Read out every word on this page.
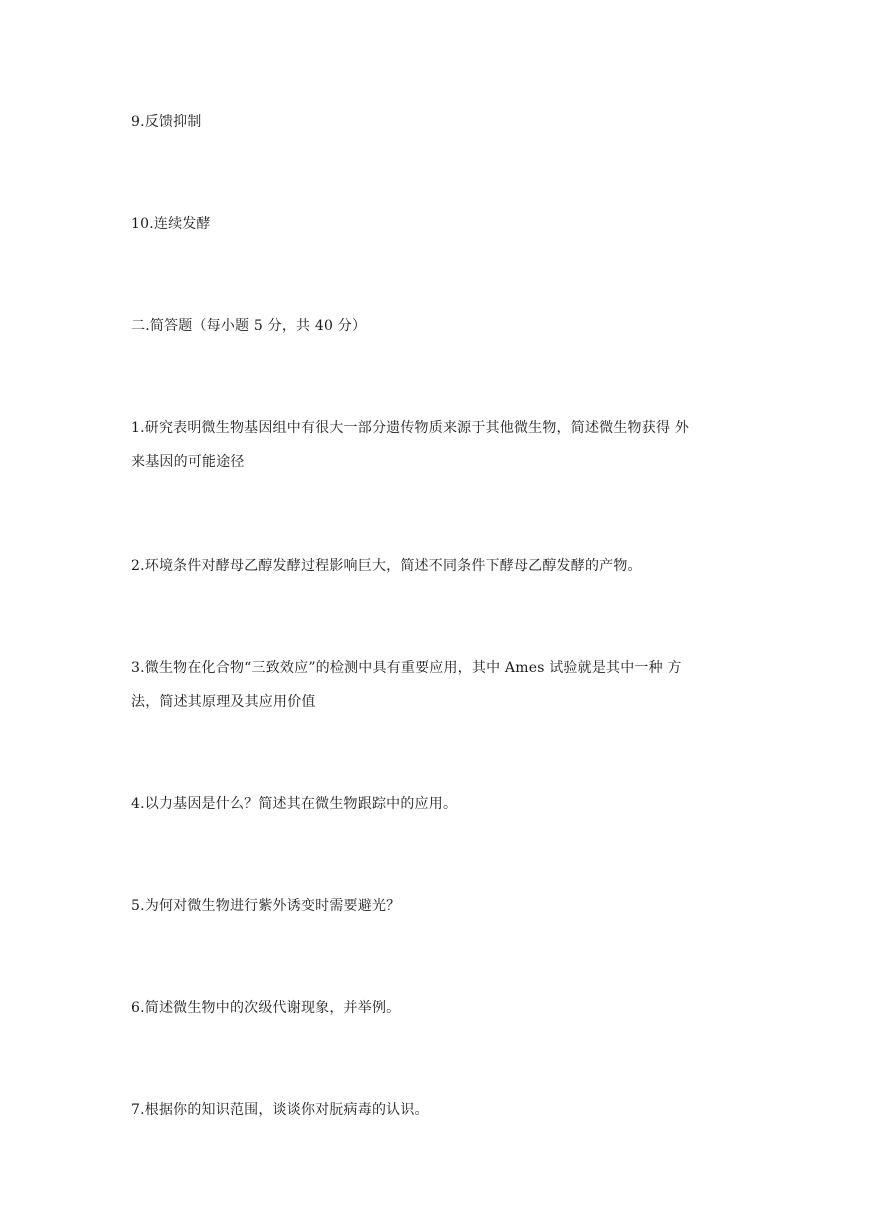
9.反馈抑制
10.连续发酵
二.简答题（每小题 5 分，共 40 分）
1.研究表明微生物基因组中有很大一部分遗传物质来源于其他微生物，简述微生物获得 外
来基因的可能途径
2.环境条件对酵母乙醇发酵过程影响巨大，简述不同条件下酵母乙醇发酵的产物。
3.微生物在化合物“三致效应”的检测中具有重要应用，其中 Ames 试验就是其中一种 方
法，简述其原理及其应用价值
4.以力基因是什么？简述其在微生物跟踪中的应用。
5.为何对微生物进行紫外诱变时需要避光？
6.简述微生物中的次级代谢现象，并举例。
7.根据你的知识范围，谈谈你对朊病毒的认识。
